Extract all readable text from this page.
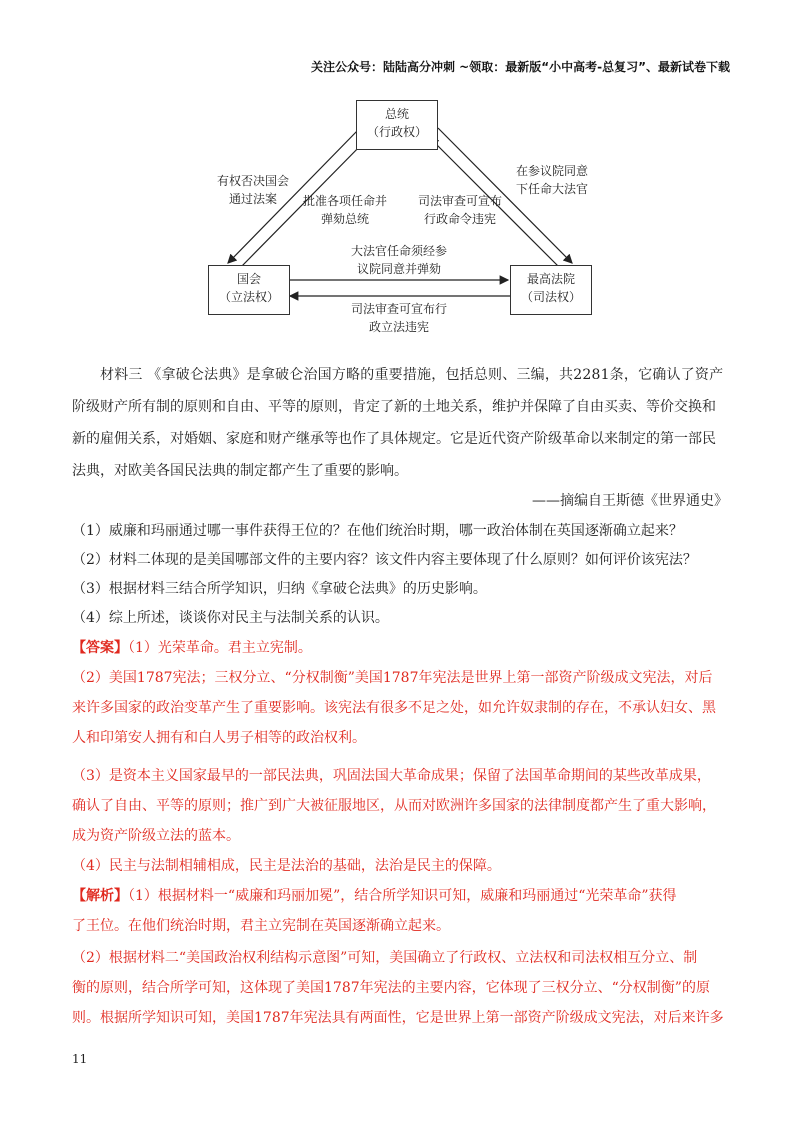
关注公众号：陆陆高分冲刺 ~领取：最新版“小中高考-总复习”、最新试卷下载
总统
（行政权）
国会
（立法权）
最高法院
（司法权）
有权否决国会
通过法案	批准各项任命并
弹劾总统
司法审查可宣布
行政命令违宪
在参议院同意
下任命大法官
大法官任命须经参
议院同意并弹劾
司法审查可宣布行
政立法违宪
材料三 《拿破仑法典》是拿破仑治国方略的重要措施，包括总则、三编，共2281条，它确认了资产
阶级财产所有制的原则和自由、平等的原则，肯定了新的土地关系，维护并保障了自由买卖、等价交换和
新的雇佣关系，对婚姻、家庭和财产继承等也作了具体规定。它是近代资产阶级革命以来制定的第一部民
法典，对欧美各国民法典的制定都产生了重要的影响。
——摘编自王斯德《世界通史》
（1）威廉和玛丽通过哪一事件获得王位的？在他们统治时期，哪一政治体制在英国逐渐确立起来？
（2）材料二体现的是美国哪部文件的主要内容？该文件内容主要体现了什么原则？如何评价该宪法？
（3）根据材料三结合所学知识，归纳《拿破仑法典》的历史影响。
（4）综上所述，谈谈你对民主与法制关系的认识。
【答案】（1）光荣革命。君主立宪制。
（2）美国1787宪法；三权分立、“分权制衡”美国1787年宪法是世界上第一部资产阶级成文宪法，对后
来许多国家的政治变革产生了重要影响。该宪法有很多不足之处，如允许奴隶制的存在，不承认妇女、黑
人和印第安人拥有和白人男子相等的政治权利。
（3）是资本主义国家最早的一部民法典，巩固法国大革命成果；保留了法国革命期间的某些改革成果，
确认了自由、平等的原则；推广到广大被征服地区，从而对欧洲许多国家的法律制度都产生了重大影响，
成为资产阶级立法的蓝本。
（4）民主与法制相辅相成，民主是法治的基础，法治是民主的保障。
【解析】（1）根据材料一“威廉和玛丽加冕”，结合所学知识可知，威廉和玛丽通过“光荣革命”获得
了王位。在他们统治时期，君主立宪制在英国逐渐确立起来。
（2）根据材料二“美国政治权利结构示意图”可知，美国确立了行政权、立法权和司法权相互分立、制
衡的原则，结合所学可知，这体现了美国1787年宪法的主要内容，它体现了三权分立、“分权制衡”的原
则。根据所学知识可知，美国1787年宪法具有两面性，它是世界上第一部资产阶级成文宪法，对后来许多
11
